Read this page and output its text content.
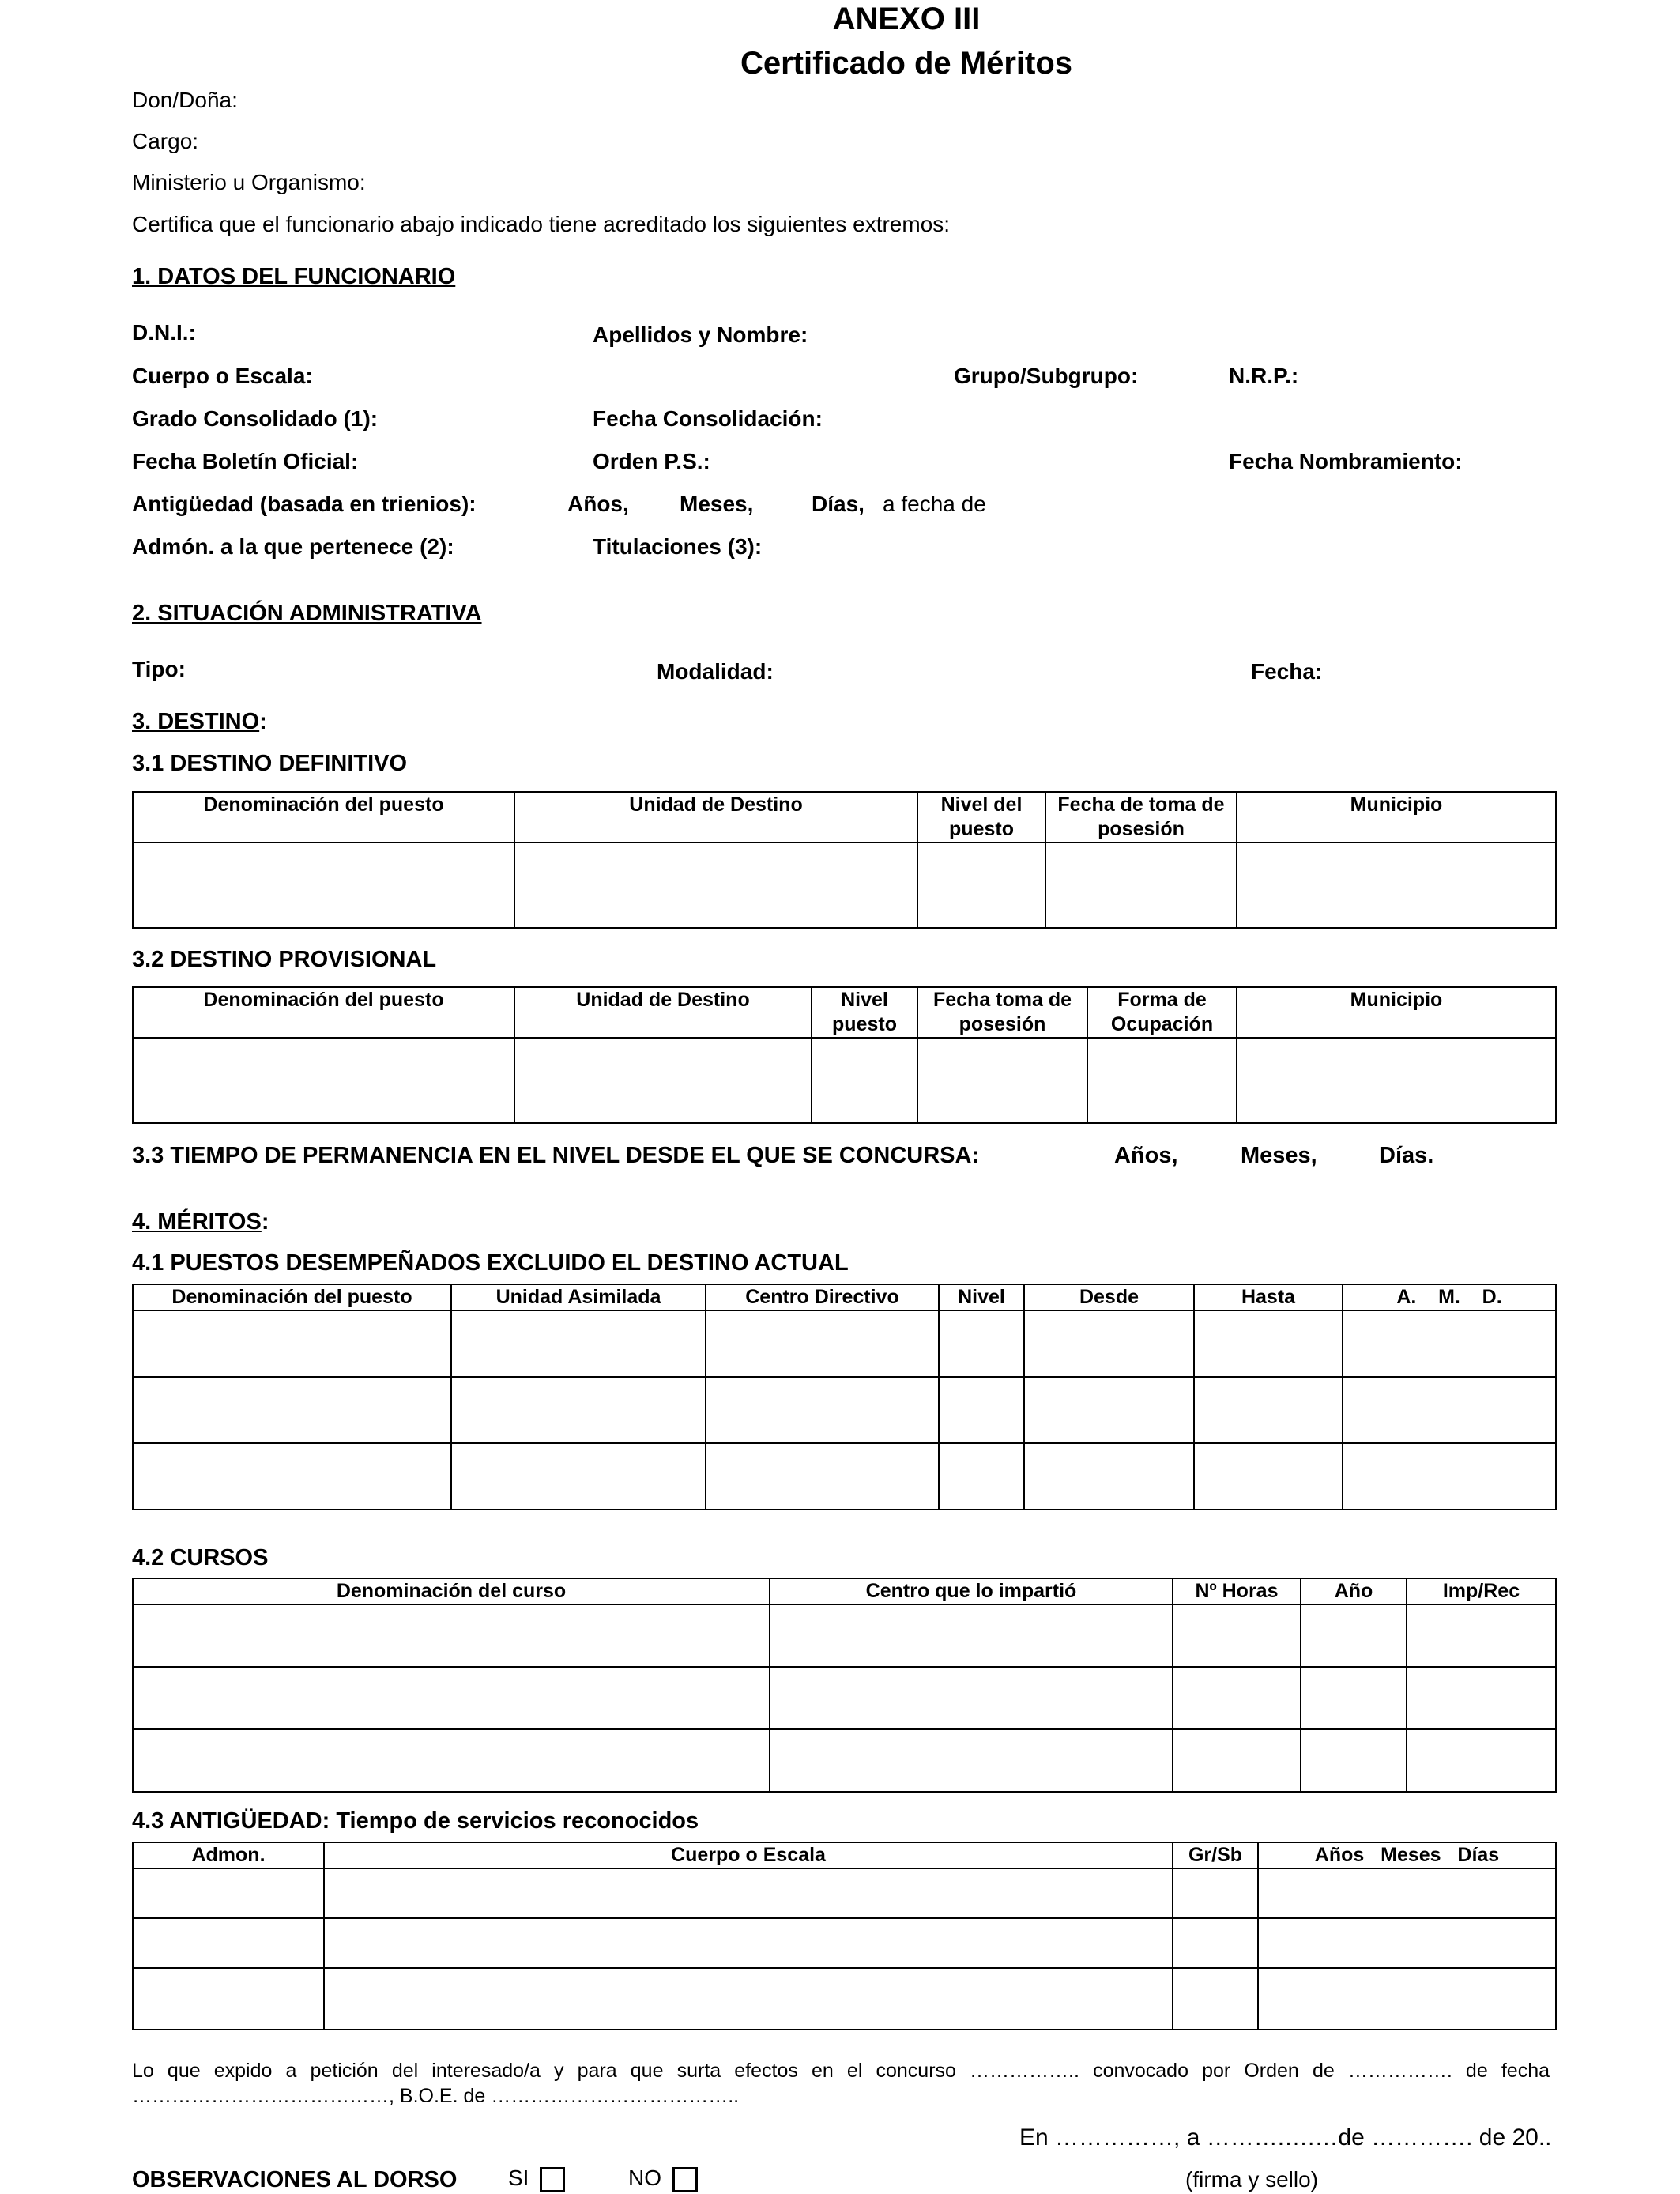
ANEXO III
Certificado de Méritos
Don/Doña:
Cargo:
Ministerio u Organismo:
Certifica que el funcionario abajo indicado tiene acreditado los siguientes extremos:
1. DATOS DEL FUNCIONARIO
D.N.I.:	Apellidos y Nombre:
Cuerpo o Escala:	Grupo/Subgrupo:	N.R.P.:
Grado Consolidado (1):	Fecha Consolidación:
Fecha Boletín Oficial:	Orden P.S.:	Fecha Nombramiento:
Antigüedad (basada en trienios):	Años, Meses,	Días, a fecha de
Admón. a la que pertenece (2):	Titulaciones (3):
2. SITUACIÓN ADMINISTRATIVA
Tipo:	Modalidad:	Fecha:
3. DESTINO:
3.1 DESTINO DEFINITIVO
Denominación del puesto	Unidad de Destino	Nivel del puesto	Fecha de toma de posesión	Municipio

3.2 DESTINO PROVISIONAL
Denominación del puesto	Unidad de Destino	Nivel puesto	Fecha toma de posesión	Forma de Ocupación	Municipio

3.3 TIEMPO DE PERMANENCIA EN EL NIVEL DESDE EL QUE SE CONCURSA:	Años,	Meses,	Días.
4. MÉRITOS:
4.1 PUESTOS DESEMPEÑADOS EXCLUIDO EL DESTINO ACTUAL
Denominación del puesto	Unidad Asimilada	Centro Directivo	Nivel	Desde	Hasta	A.    M.    D.

4.2 CURSOS
Denominación del curso	Centro que lo impartió	Nº Horas	Año	Imp/Rec

4.3 ANTIGÜEDAD: Tiempo de servicios reconocidos
Admon.	Cuerpo o Escala	Gr/Sb	Años   Meses   Días

Lo que expido a petición del interesado/a y para que surta efectos en el concurso …………….. convocado por Orden de ……………. de fecha
…………………………………, B.O.E. de ………………………………..
En ……………, a ……….….…de …………. de 20..
OBSERVACIONES AL DORSO SI	NO	(firma y sello)
